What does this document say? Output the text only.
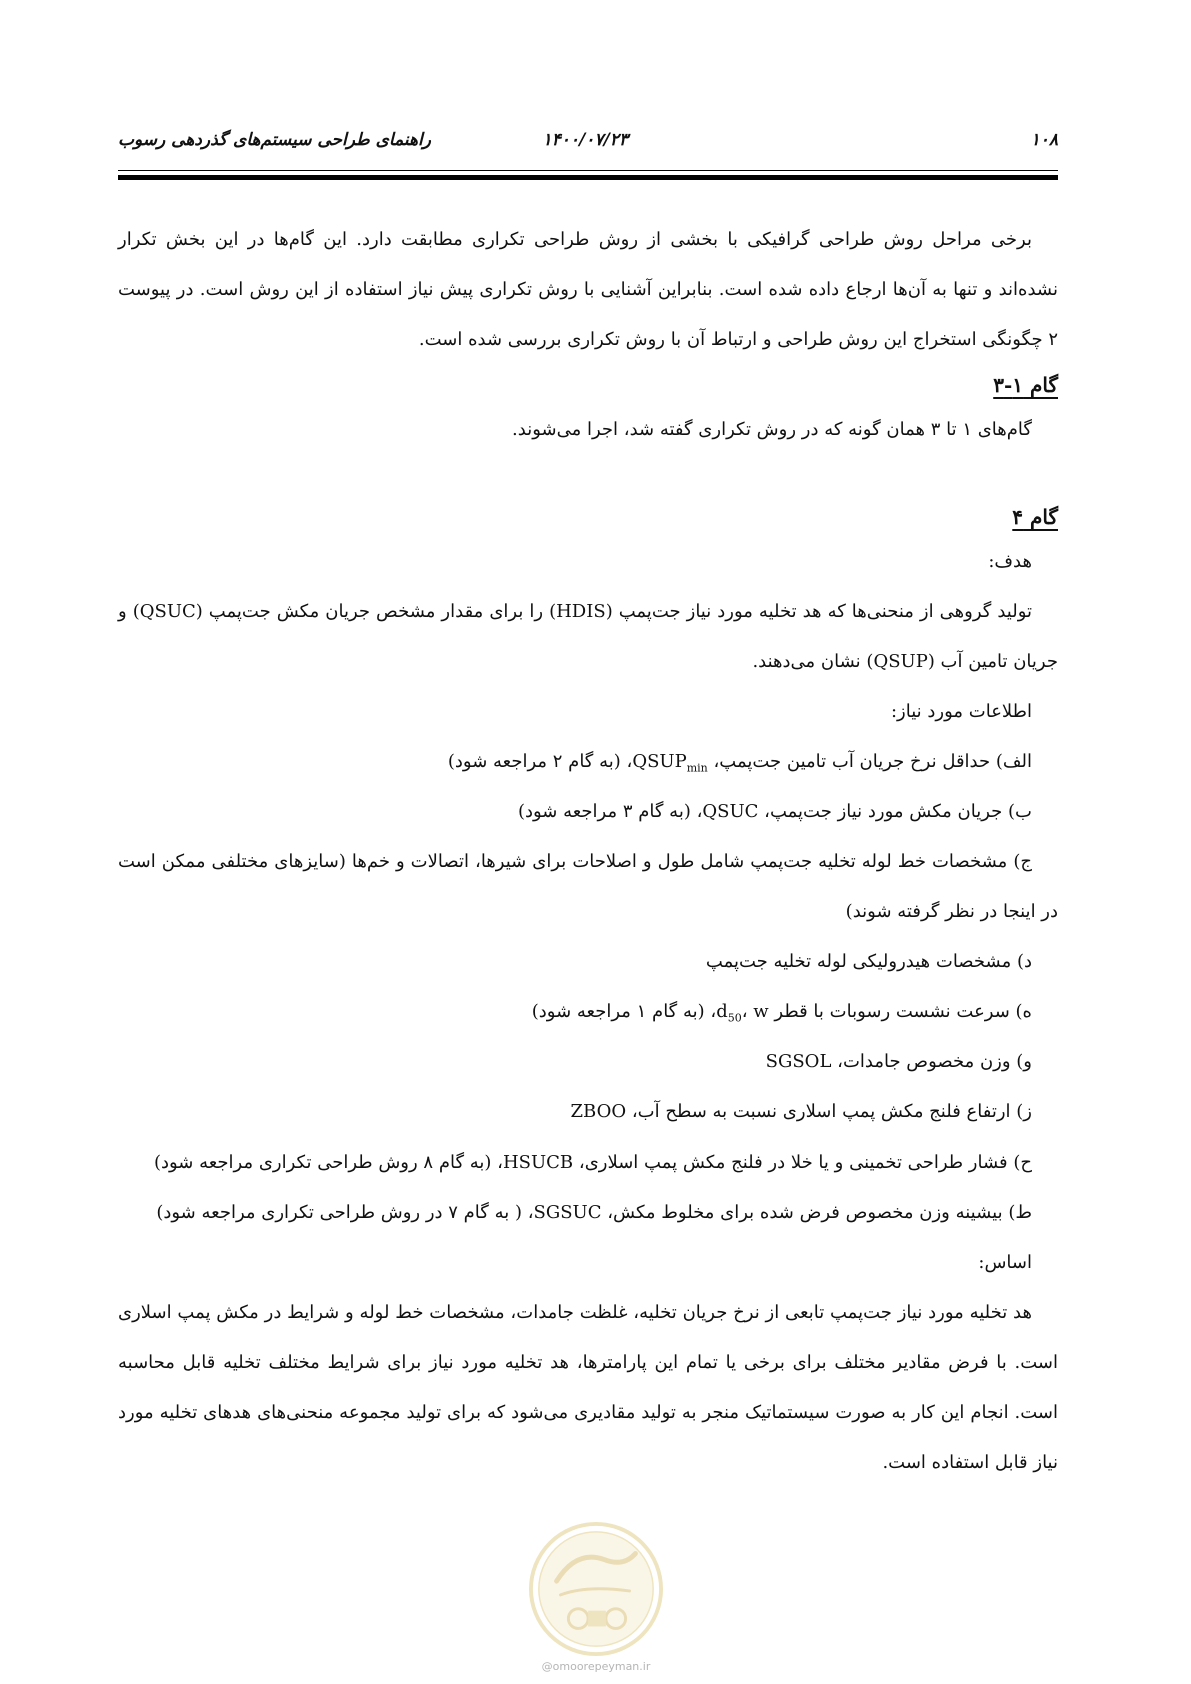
۱۰۸
۱۴۰۰/۰۷/۲۳
راهنمای طراحی سیستم‌های گذردهی رسوب

برخی مراحل روش طراحی گرافیکی با بخشی از روش طراحی تکراری مطابقت دارد. این گام‌ها در این بخش تکرار نشده‌اند و تنها به آن‌ها ارجاع داده شده است. بنابراین آشنایی با روش تکراری پیش نیاز استفاده از این روش است. در پیوست ۲ چگونگی استخراج این روش طراحی و ارتباط آن با روش تکراری بررسی شده است.

گام ۱-۳

گام‌های ۱ تا ۳ همان گونه که در روش تکراری گفته شد، اجرا می‌شوند.

گام ۴

هدف:

تولید گروهی از منحنی‌ها که هد تخلیه مورد نیاز جت‌پمپ (HDIS) را برای مقدار مشخص جریان مکش جت‌پمپ (QSUC) و جریان تامین آب (QSUP) نشان می‌دهند.

اطلاعات مورد نیاز:

الف) حداقل نرخ جریان آب تامین جت‌پمپ، $QSUP_{min}،$ (به گام ۲ مراجعه شود)

ب) جریان مکش مورد نیاز جت‌پمپ، QSUC، (به گام ۳ مراجعه شود)

ج) مشخصات خط لوله تخلیه جت‌پمپ شامل طول و اصلاحات برای شیرها، اتصالات و خم‌ها (سایزهای مختلفی ممکن است در اینجا در نظر گرفته شوند)

د) مشخصات هیدرولیکی لوله تخلیه جت‌پمپ

ه) سرعت نشست رسوبات با قطر $d_{50}،$ w، (به گام ۱ مراجعه شود)

و) وزن مخصوص جامدات، SGSOL

ز) ارتفاع فلنج مکش پمپ اسلاری نسبت به سطح آب، ZBOO

ح) فشار طراحی تخمینی و یا خلا در فلنج مکش پمپ اسلاری، HSUCB، (به گام ۸ روش طراحی تکراری مراجعه شود)

ط) بیشینه وزن مخصوص فرض شده برای مخلوط مکش، SGSUC، ( به گام ۷ در روش طراحی تکراری مراجعه شود)

اساس:

هد تخلیه مورد نیاز جت‌پمپ تابعی از نرخ جریان تخلیه، غلظت جامدات، مشخصات خط لوله و شرایط در مکش پمپ اسلاری است. با فرض مقادیر مختلف برای برخی یا تمام این پارامترها، هد تخلیه مورد نیاز برای شرایط مختلف تخلیه قابل محاسبه است. انجام این کار به صورت سیستماتیک منجر به تولید مقادیری می‌شود که برای تولید مجموعه منحنی‌های هدهای تخلیه مورد نیاز قابل استفاده است.

@omoorepeyman.ir
